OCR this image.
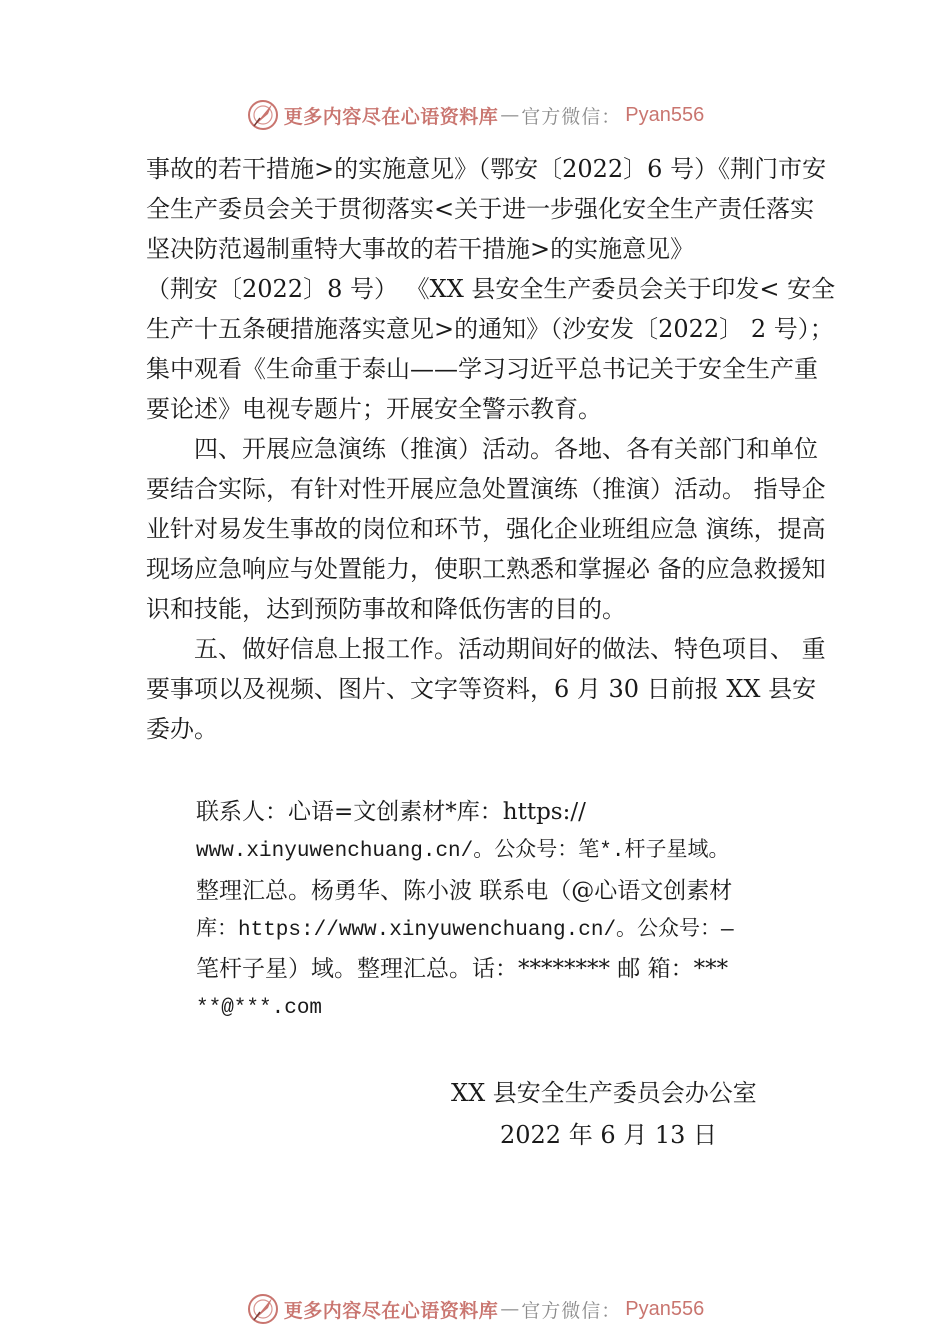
更多内容尽在心语资料库 — 官方微信： Pyan556

事故的若干措施>的实施意见》（鄂安〔2022〕6 号）《荆门市安全生产委员会关于贯彻落实<关于进一步强化安全生产责任落实 坚决防范遏制重特大事故的若干措施>的实施意见》

（荆安〔2022〕8 号） 《XX 县安全生产委员会关于印发< 安全生产十五条硬措施落实意见>的通知》（沙安发〔2022〕 2 号）；集中观看《生命重于泰山——学习习近平总书记关于安全生产重要论述》电视专题片；开展安全警示教育。

四、开展应急演练（推演）活动。各地、各有关部门和单位要结合实际，有针对性开展应急处置演练（推演）活动。 指导企业针对易发生事故的岗位和环节，强化企业班组应急 演练，提高现场应急响应与处置能力，使职工熟悉和掌握必 备的应急救援知识和技能，达到预防事故和降低伤害的目的。

五、做好信息上报工作。活动期间好的做法、特色项目、 重要事项以及视频、图片、文字等资料，6 月 30 日前报 XX 县安委办。

联系人：心语=文创素材*库：https://

www.xinyuwenchuang.cn/。公众号：笔*.杆子星域。

整理汇总。杨勇华、陈小波 联系电（@心语文创素材

库：https://www.xinyuwenchuang.cn/。公众号：—

笔杆子星）域。整理汇总。话：******** 邮 箱：***

**@***.com

XX 县安全生产委员会办公室
2022 年 6 月 13 日
更多内容尽在心语资料库 — 官方微信： Pyan556
